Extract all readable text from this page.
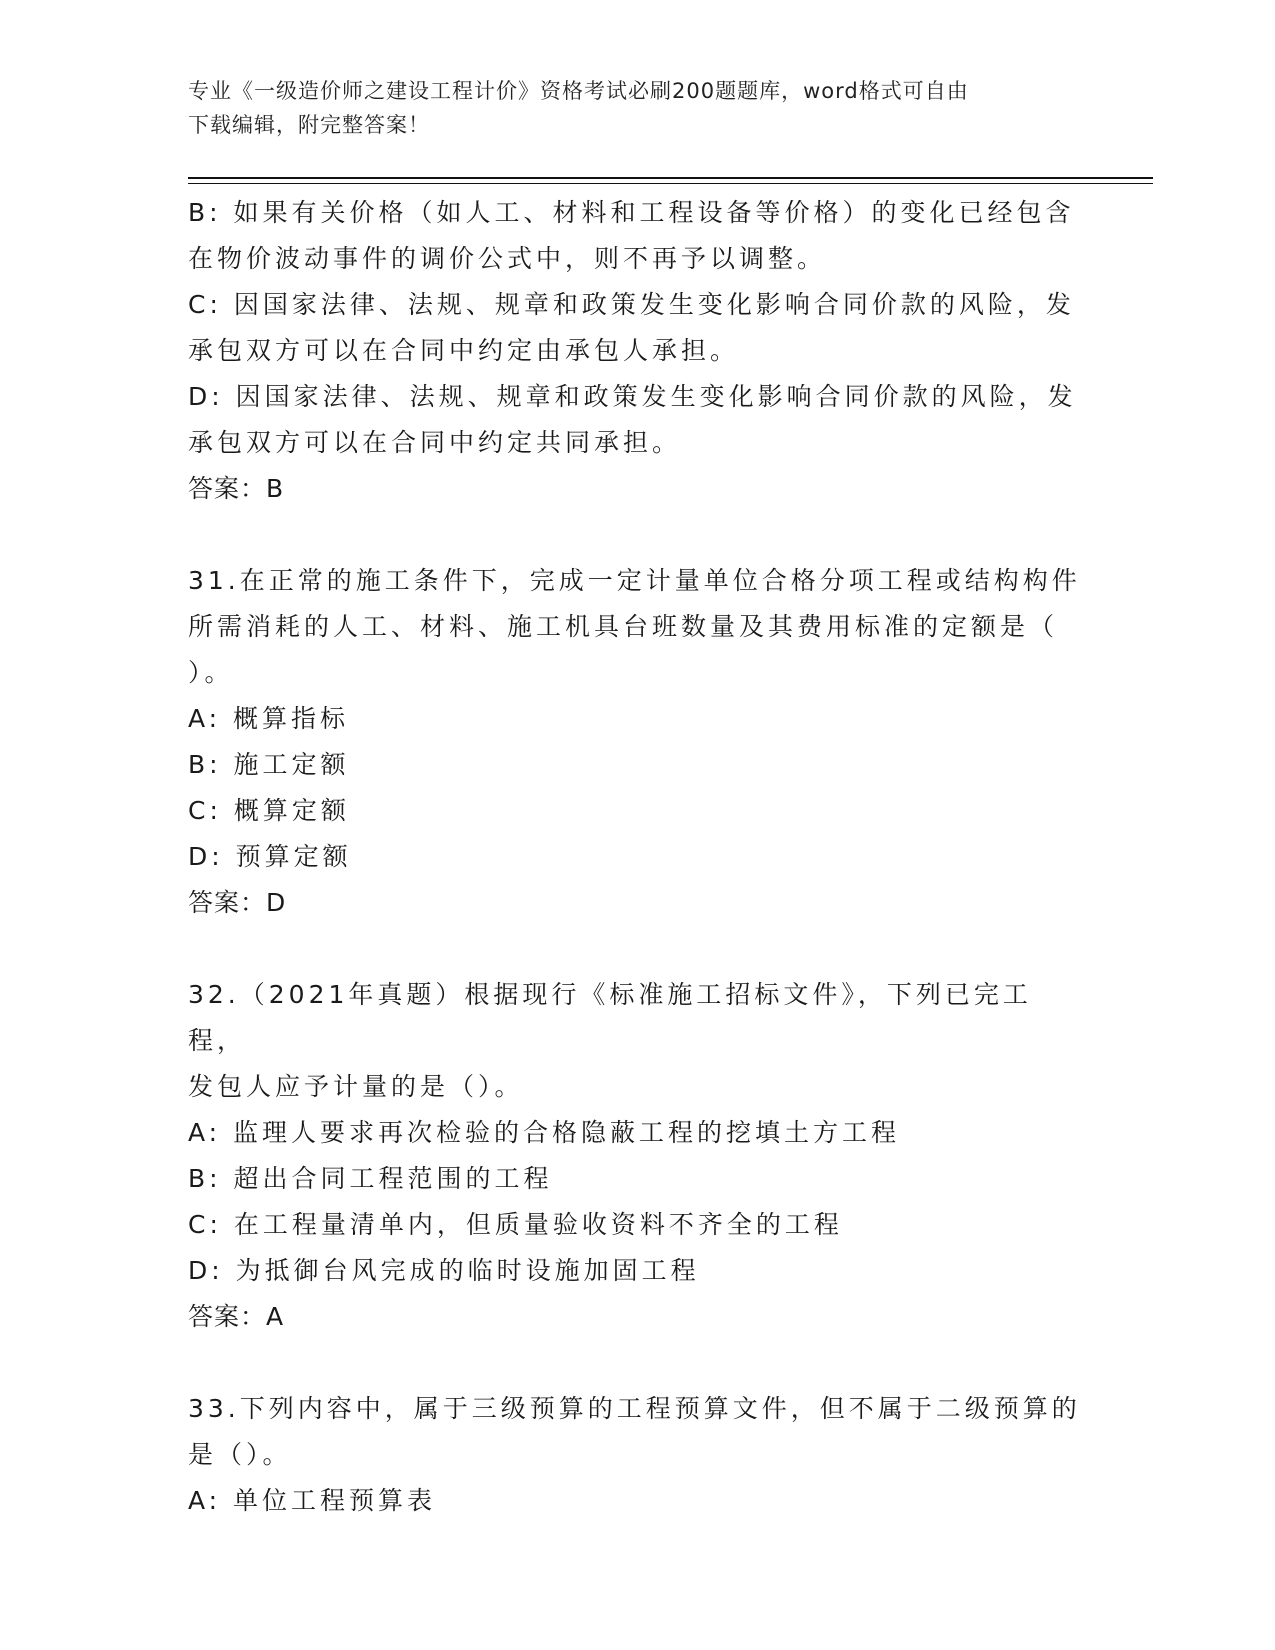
专业《一级造价师之建设工程计价》资格考试必刷200题题库，word格式可自由
下载编辑，附完整答案！

B: 如果有关价格（如人工、材料和工程设备等价格）的变化已经包含

在物价波动事件的调价公式中，则不再予以调整。

C: 因国家法律、法规、规章和政策发生变化影响合同价款的风险，发

承包双方可以在合同中约定由承包人承担。

D: 因国家法律、法规、规章和政策发生变化影响合同价款的风险，发

承包双方可以在合同中约定共同承担。

答案：B

31.在正常的施工条件下，完成一定计量单位合格分项工程或结构构件

所需消耗的人工、材料、施工机具台班数量及其费用标准的定额是（

）。

A: 概算指标

B: 施工定额

C: 概算定额

D: 预算定额

答案：D

32.（2021年真题）根据现行《标准施工招标文件》，下列已完工程，

发包人应予计量的是（）。

A: 监理人要求再次检验的合格隐蔽工程的挖填土方工程

B: 超出合同工程范围的工程

C: 在工程量清单内，但质量验收资料不齐全的工程

D: 为抵御台风完成的临时设施加固工程

答案：A

33.下列内容中，属于三级预算的工程预算文件，但不属于二级预算的

是（）。

A: 单位工程预算表
